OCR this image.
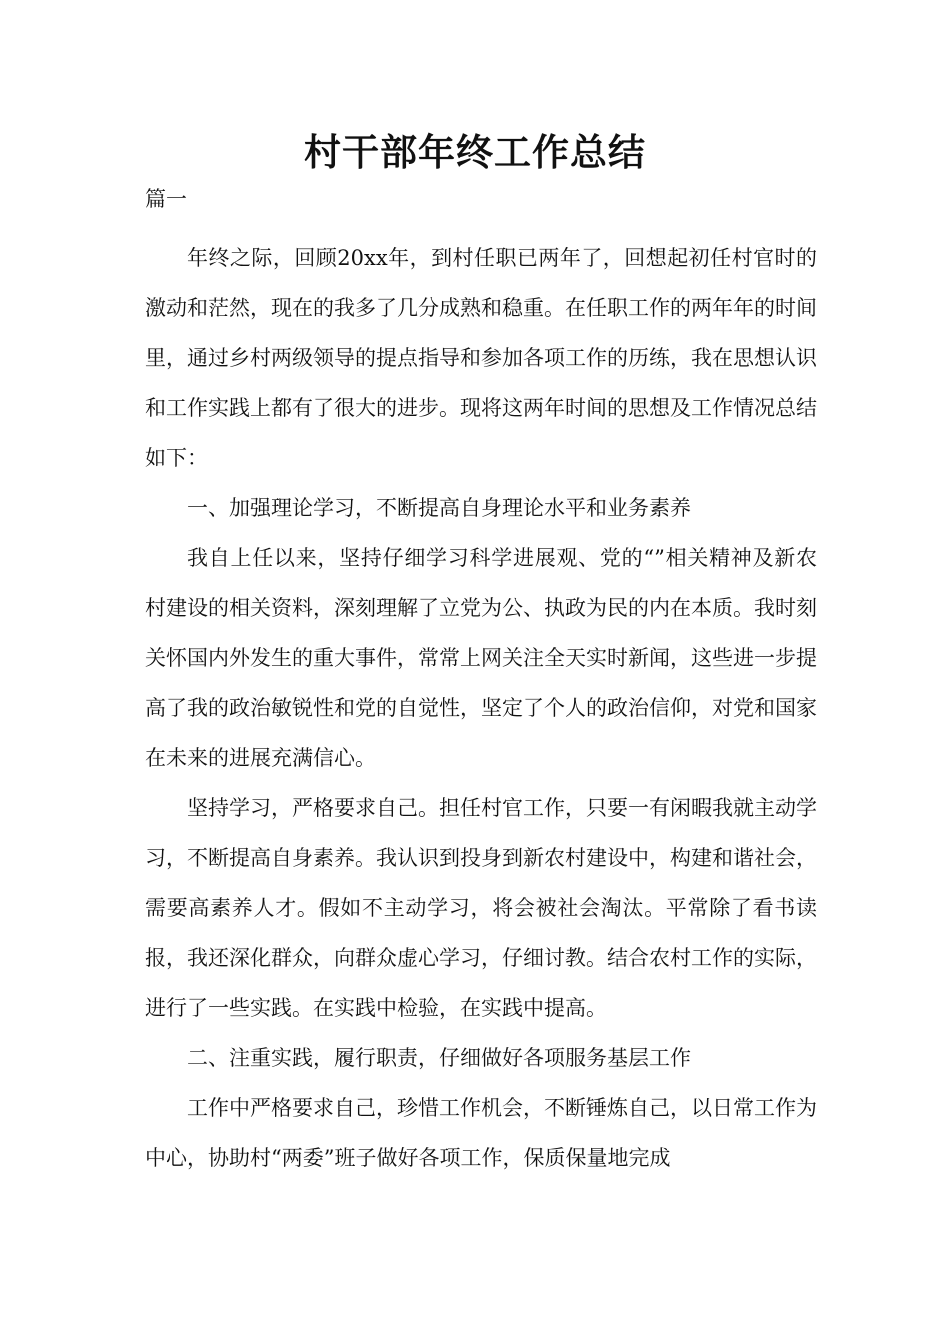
村干部年终工作总结
篇一

年终之际，回顾20xx年，到村任职已两年了，回想起初任村官时的激动和茫然，现在的我多了几分成熟和稳重。在任职工作的两年年的时间里，通过乡村两级领导的提点指导和参加各项工作的历练，我在思想认识和工作实践上都有了很大的进步。现将这两年时间的思想及工作情况总结如下：

一、加强理论学习，不断提高自身理论水平和业务素养

我自上任以来，坚持仔细学习科学进展观、党的“”相关精神及新农村建设的相关资料，深刻理解了立党为公、执政为民的内在本质。我时刻关怀国内外发生的重大事件，常常上网关注全天实时新闻，这些进一步提高了我的政治敏锐性和党的自觉性，坚定了个人的政治信仰，对党和国家在未来的进展充满信心。

坚持学习，严格要求自己。担任村官工作，只要一有闲暇我就主动学习，不断提高自身素养。我认识到投身到新农村建设中，构建和谐社会，需要高素养人才。假如不主动学习，将会被社会淘汰。平常除了看书读报，我还深化群众，向群众虚心学习，仔细讨教。结合农村工作的实际，进行了一些实践。在实践中检验，在实践中提高。

二、注重实践，履行职责，仔细做好各项服务基层工作

工作中严格要求自己，珍惜工作机会，不断锤炼自己，以日常工作为中心，协助村“两委”班子做好各项工作，保质保量地完成
